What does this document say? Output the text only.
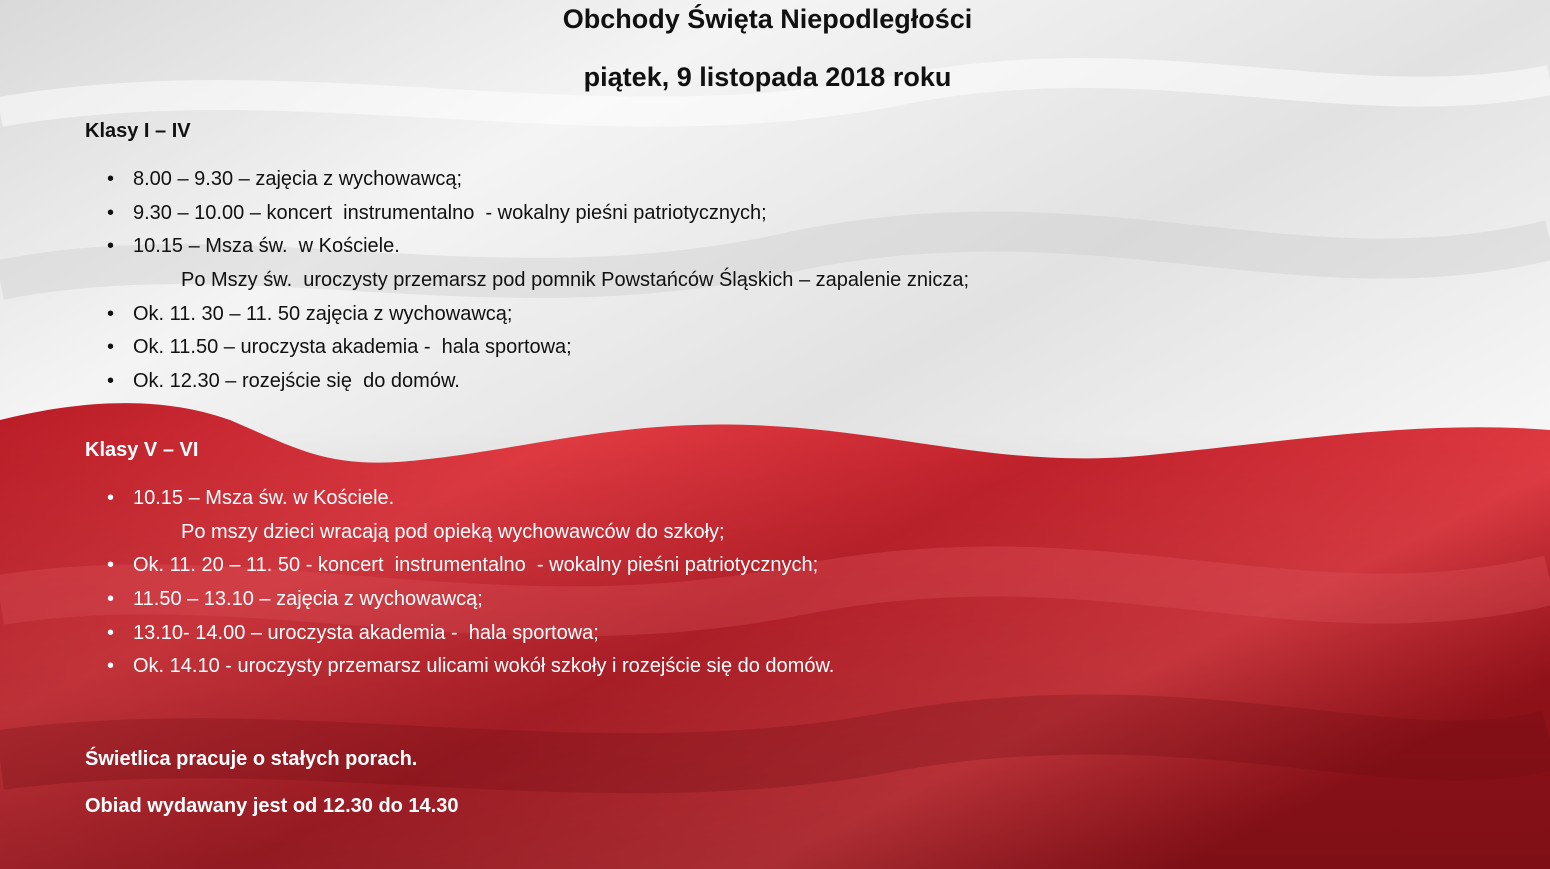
Obchody Święta Niepodległości
piątek, 9 listopada 2018 roku
Klasy I – IV
• 8.00 – 9.30 – zajęcia z wychowawcą;
• 9.30 – 10.00 – koncert  instrumentalno  - wokalny pieśni patriotycznych;
• 10.15 – Msza św.  w Kościele.
Po Mszy św.  uroczysty przemarsz pod pomnik Powstańców Śląskich – zapalenie znicza;
• Ok. 11. 30 – 11. 50 zajęcia z wychowawcą;
• Ok. 11.50 – uroczysta akademia -  hala sportowa;
• Ok. 12.30 – rozejście się  do domów.
Klasy V – VI
• 10.15 – Msza św. w Kościele.
Po mszy dzieci wracają pod opieką wychowawców do szkoły;
• Ok. 11. 20 – 11. 50 - koncert  instrumentalno  - wokalny pieśni patriotycznych;
• 11.50 – 13.10 – zajęcia z wychowawcą;
• 13.10- 14.00 – uroczysta akademia -  hala sportowa;
• Ok. 14.10 - uroczysty przemarsz ulicami wokół szkoły i rozejście się do domów.

Świetlica pracuje o stałych porach.

Obiad wydawany jest od 12.30 do 14.30
